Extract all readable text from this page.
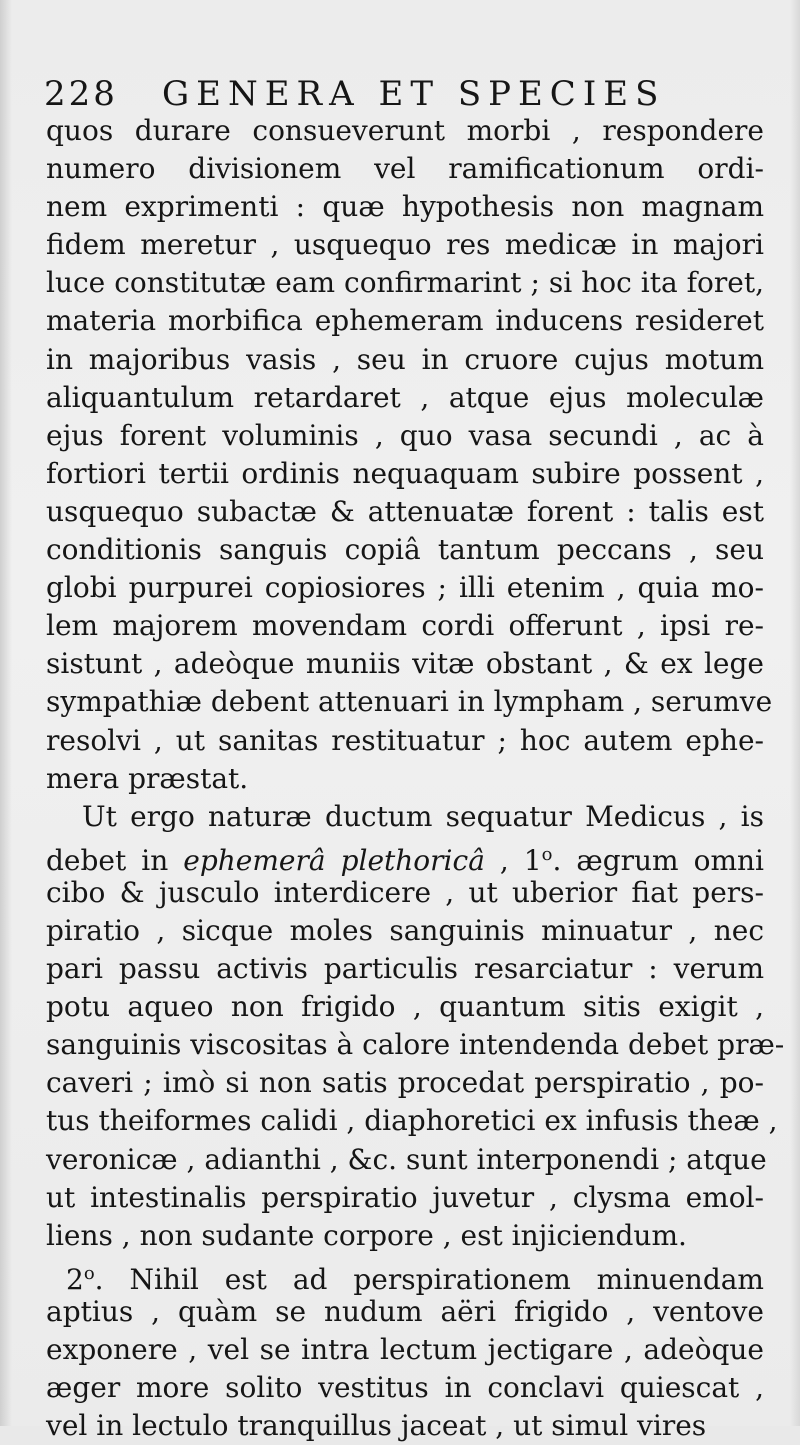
228 GENERA ET SPECIES
quos durare consueverunt morbi , respondere
numero divisionem vel ramificationum ordi-
nem exprimenti : quæ hypothesis non magnam
fidem meretur , usquequo res medicæ in majori
luce constitutæ eam confirmarint ; si hoc ita foret,
materia morbifica ephemeram inducens resideret
in majoribus vasis , seu in cruore cujus motum
aliquantulum retardaret , atque ejus moleculæ
ejus forent voluminis , quo vasa secundi , ac à
fortiori tertii ordinis nequaquam subire possent ,
usquequo subactæ & attenuatæ forent : talis est
conditionis sanguis copiâ tantum peccans , seu
globi purpurei copiosiores ; illi etenim , quia mo-
lem majorem movendam cordi offerunt , ipsi re-
sistunt , adeòque muniis vitæ obstant , & ex lege
sympathiæ debent attenuari in lympham , serumve
resolvi , ut sanitas restituatur ; hoc autem ephe-
mera præstat.
Ut ergo naturæ ductum sequatur Medicus , is
debet in ephemerâ plethoricâ , 1$^o$. ægrum omni
cibo & jusculo interdicere , ut uberior fiat pers-
piratio , sicque moles sanguinis minuatur , nec
pari passu activis particulis resarciatur : verum
potu aqueo non frigido , quantum sitis exigit ,
sanguinis viscositas à calore intendenda debet præ-
caveri ; imò si non satis procedat perspiratio , po-
tus theiformes calidi , diaphoretici ex infusis theæ ,
veronicæ , adianthi , &c. sunt interponendi ; atque
ut intestinalis perspiratio juvetur , clysma emol-
liens , non sudante corpore , est injiciendum.
2$^o$. Nihil est ad perspirationem minuendam
aptius , quàm se nudum aëri frigido , ventove
exponere , vel se intra lectum jectigare , adeòque
æger more solito vestitus in conclavi quiescat ,
vel in lectulo tranquillus jaceat , ut simul vires
